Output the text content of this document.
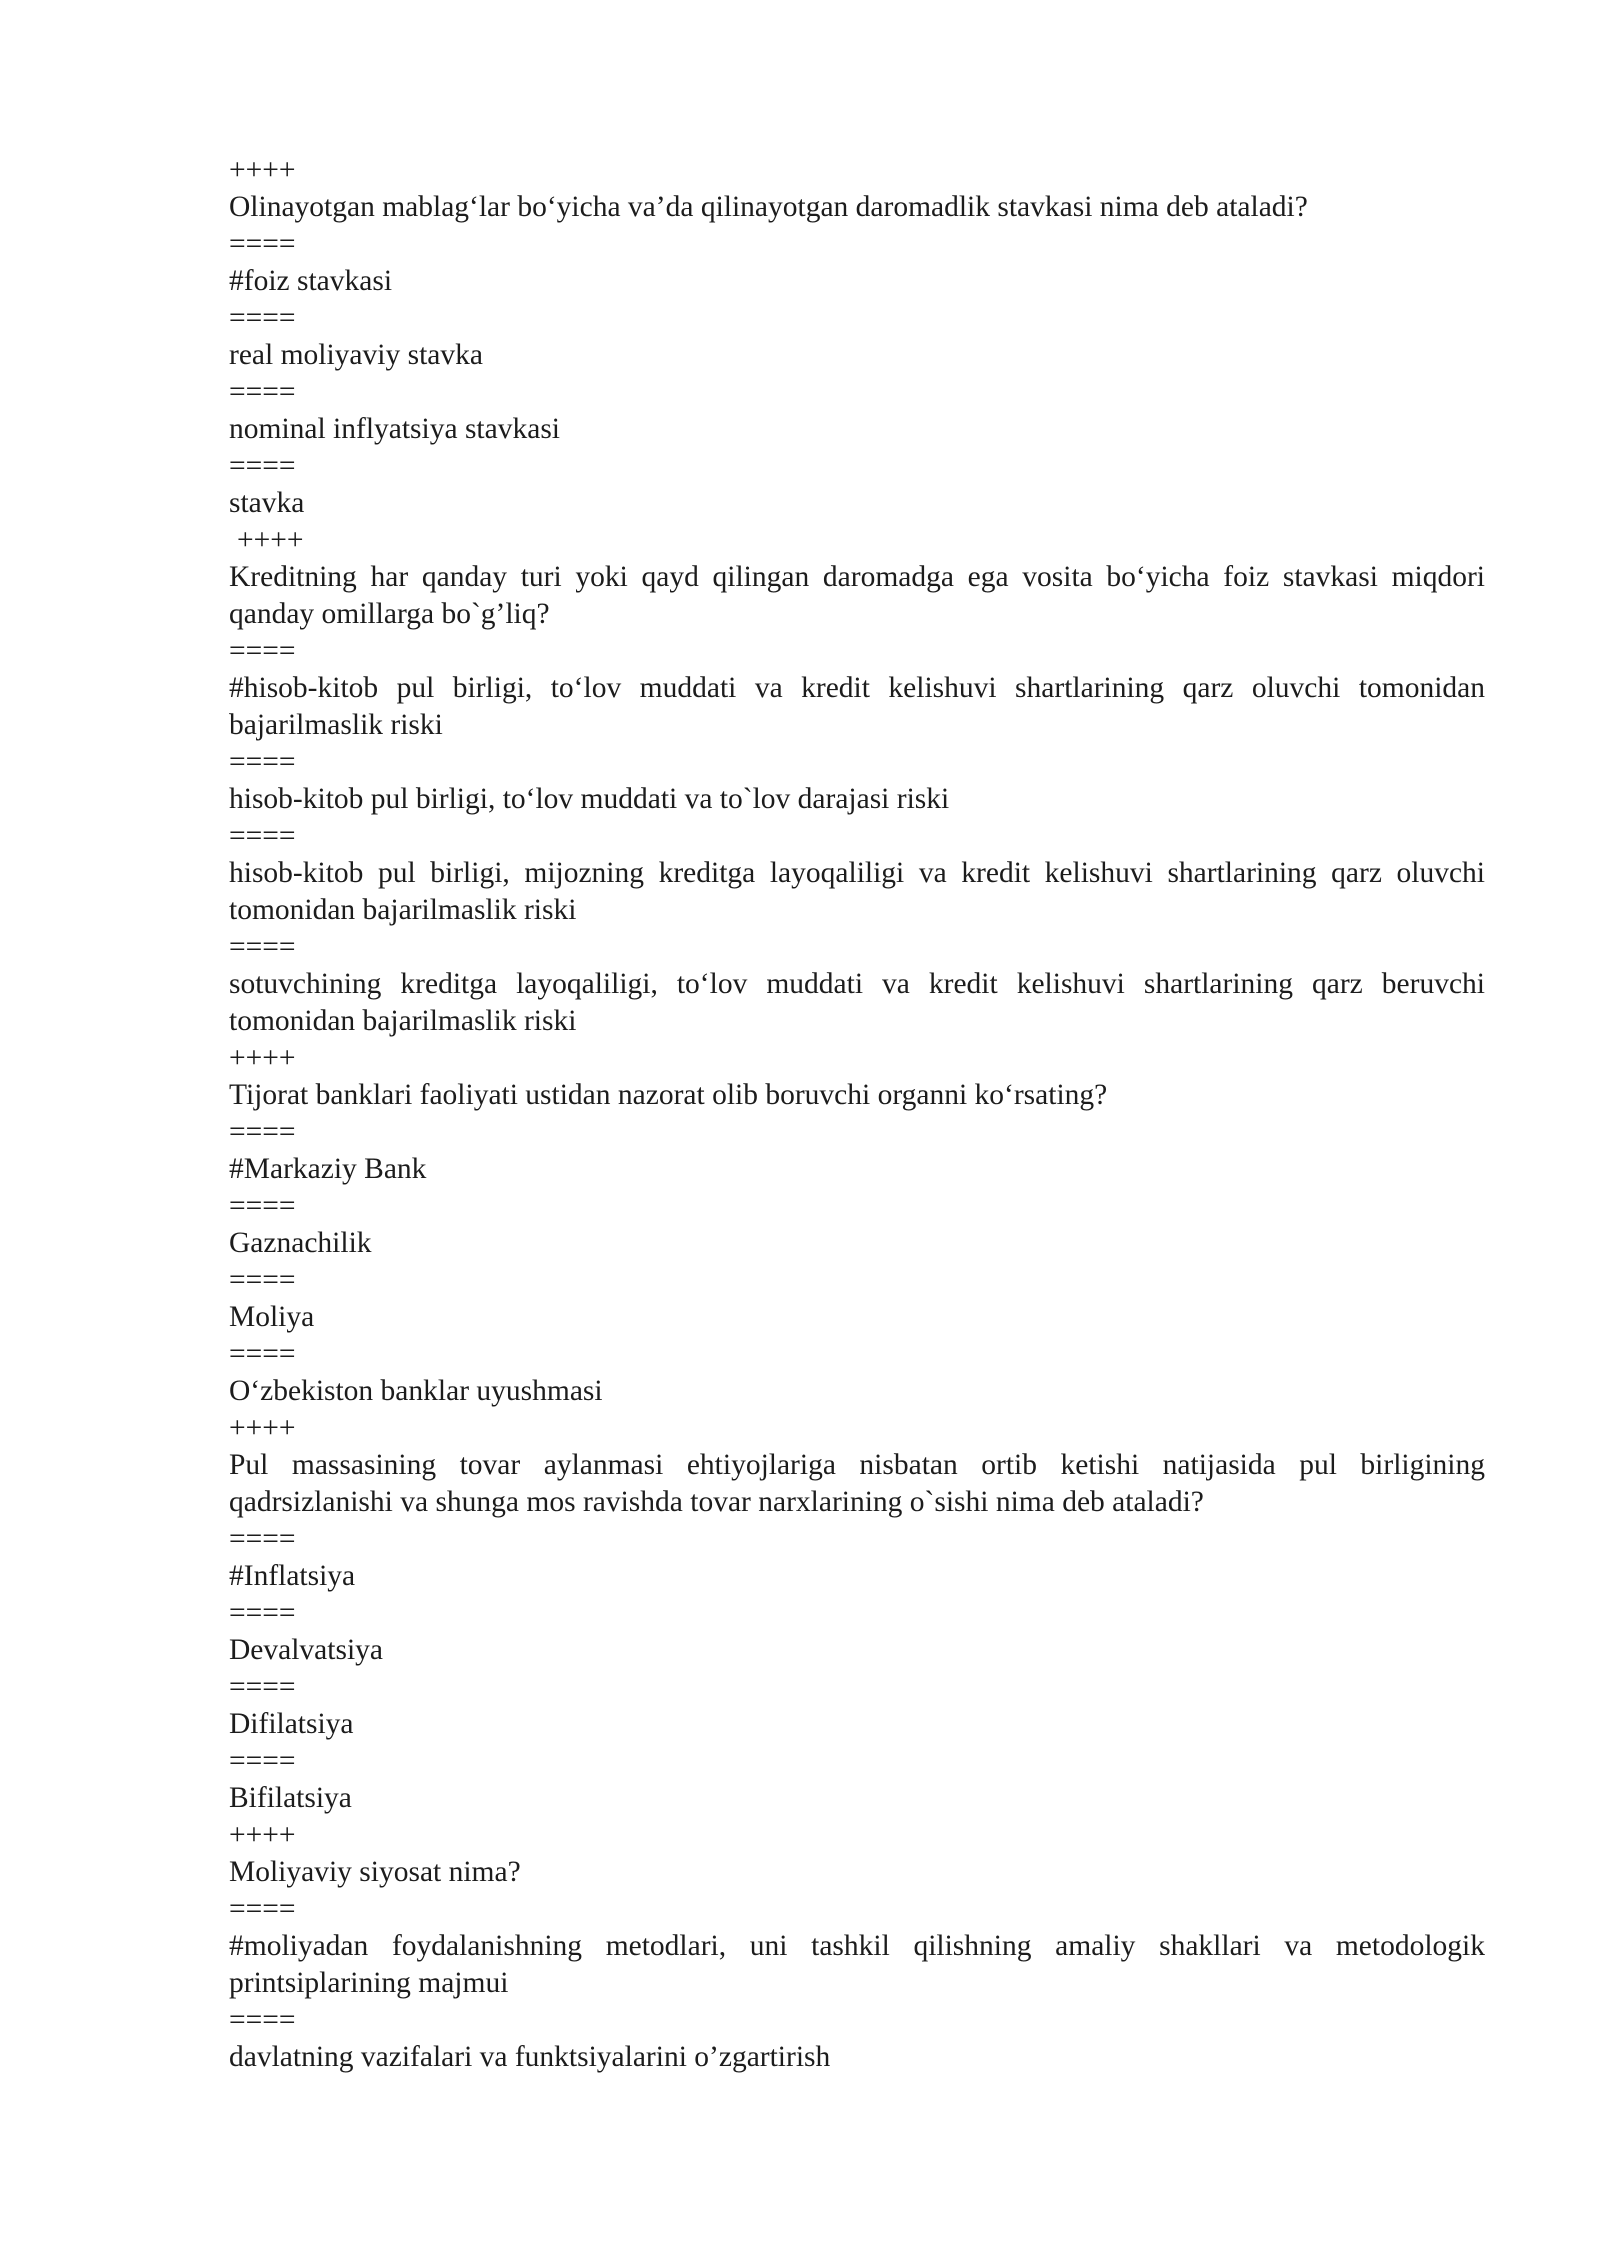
++++

Olinayotgan mablag‘lar bo‘yicha va’da qilinayotgan daromadlik stavkasi nima deb ataladi?

====

#foiz stavkasi

====

real moliyaviy stavka

====

nominal inflyatsiya stavkasi

====

stavka

++++

Kreditning har qanday turi yoki qayd qilingan daromadga ega vosita bo‘yicha foiz stavkasi miqdori qanday omillarga bo`g’liq?

====

#hisob-kitob pul birligi, to‘lov muddati va kredit kelishuvi shartlarining qarz oluvchi tomonidan bajarilmaslik riski

====

hisob-kitob pul birligi, to‘lov muddati va to`lov darajasi riski

====

hisob-kitob pul birligi, mijozning kreditga layoqaliligi va kredit kelishuvi shartlarining qarz oluvchi tomonidan bajarilmaslik riski

====

sotuvchining kreditga layoqaliligi, to‘lov muddati va kredit kelishuvi shartlarining qarz beruvchi tomonidan bajarilmaslik riski

++++

Tijorat banklari faoliyati ustidan nazorat olib boruvchi organni ko‘rsating?

====

#Markaziy Bank

====

Gaznachilik

====

Moliya

====

O‘zbekiston banklar uyushmasi

++++

Pul massasining tovar aylanmasi ehtiyojlariga nisbatan ortib ketishi natijasida pul birligining qadrsizlanishi va shunga mos ravishda tovar narxlarining o`sishi nima deb ataladi?

====

#Inflatsiya

====

Devalvatsiya

====

Difilatsiya

====

Bifilatsiya

++++

Moliyaviy siyosat nima?

====

#moliyadan foydalanishning metodlari, uni tashkil qilishning amaliy shakllari va metodologik printsiplarining majmui

====

davlatning vazifalari va funktsiyalarini o’zgartirish
